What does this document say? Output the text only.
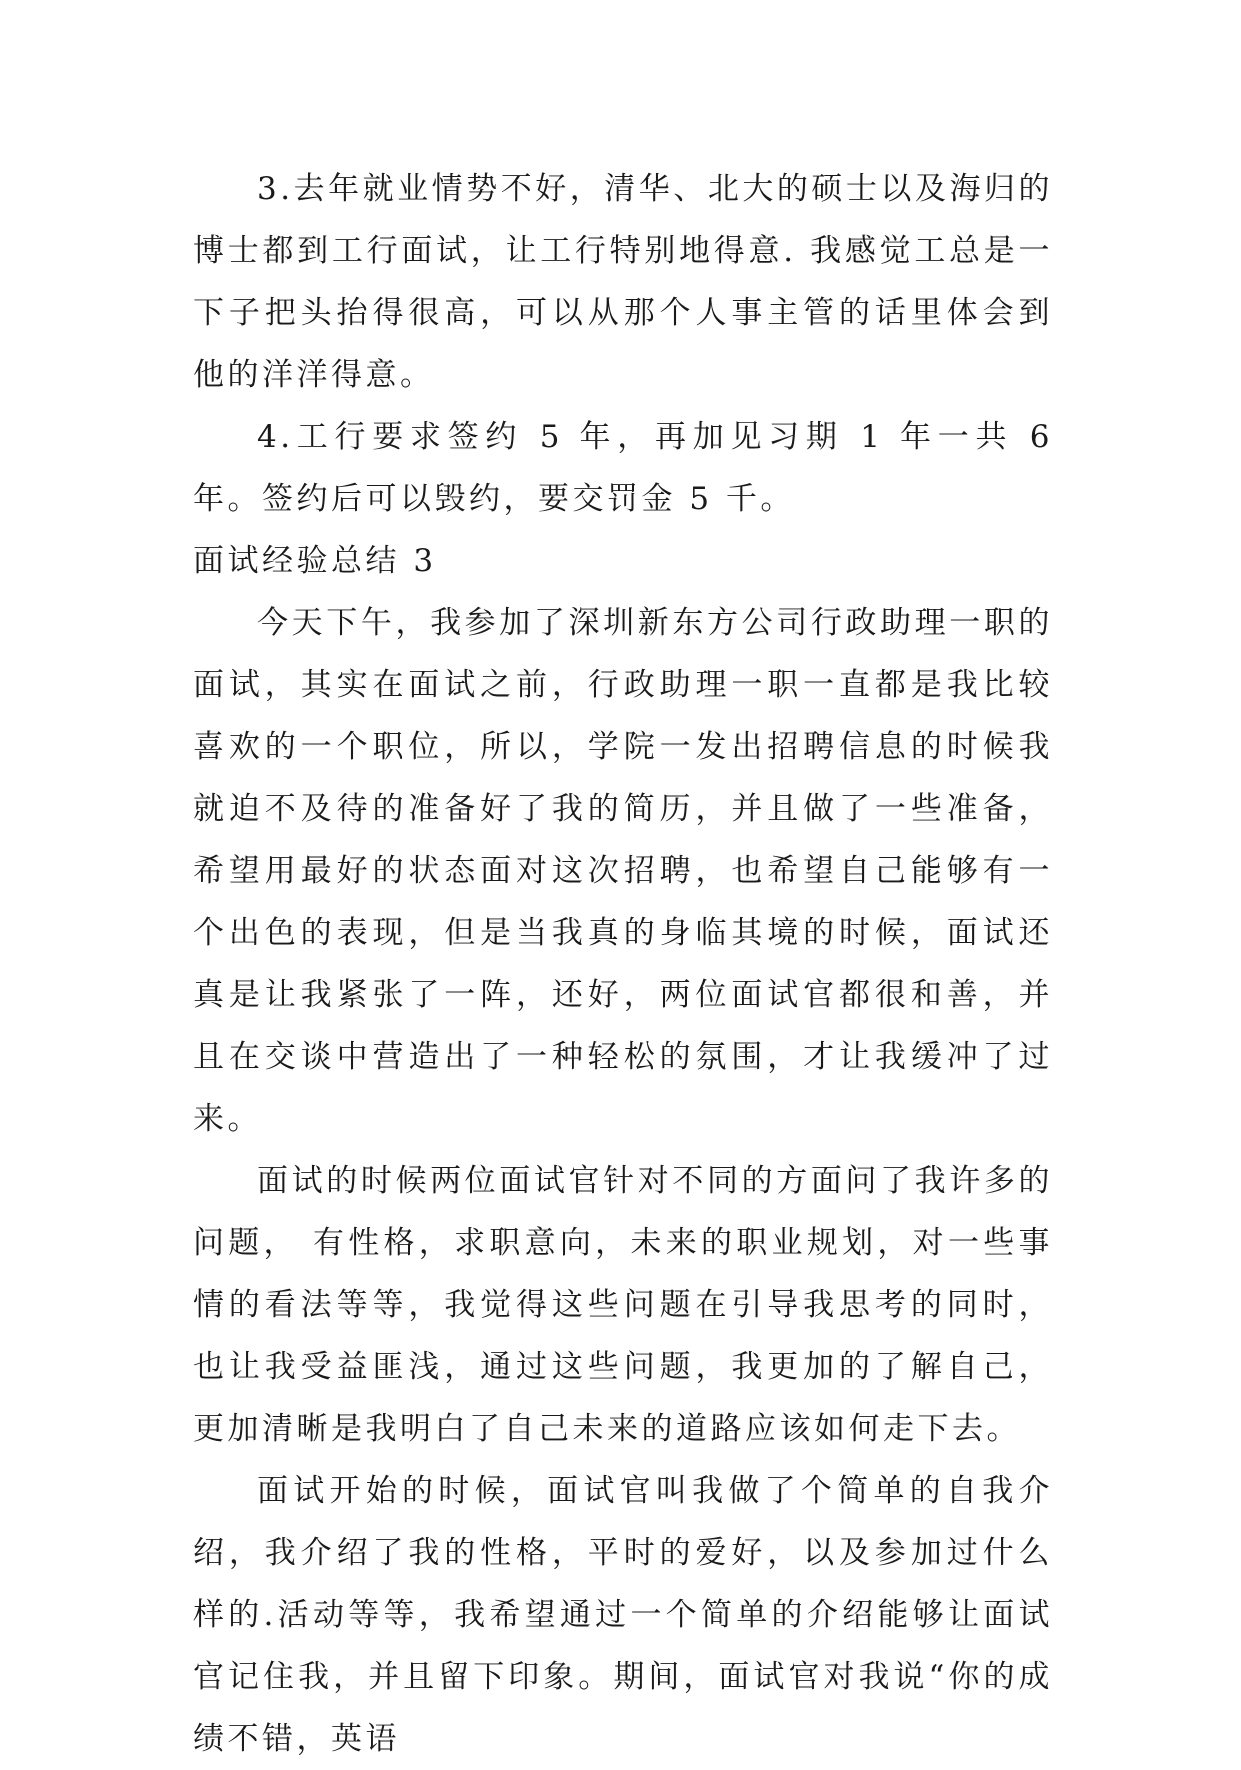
3.去年就业情势不好，清华、北大的硕士以及海归的博士都到工行面试，让工行特别地得意. 我感觉工总是一下子把头抬得很高，可以从那个人事主管的话里体会到他的洋洋得意。

4.工行要求签约 5 年，再加见习期 1 年一共 6 年。签约后可以毁约，要交罚金 5 千。

面试经验总结 3

今天下午，我参加了深圳新东方公司行政助理一职的面试，其实在面试之前，行政助理一职一直都是我比较喜欢的一个职位，所以，学院一发出招聘信息的时候我就迫不及待的准备好了我的简历，并且做了一些准备，希望用最好的状态面对这次招聘，也希望自己能够有一个出色的表现，但是当我真的身临其境的时候，面试还真是让我紧张了一阵，还好，两位面试官都很和善，并且在交谈中营造出了一种轻松的氛围，才让我缓冲了过来。

面试的时候两位面试官针对不同的方面问了我许多的问题， 有性格，求职意向，未来的职业规划，对一些事情的看法等等，我觉得这些问题在引导我思考的同时，也让我受益匪浅，通过这些问题，我更加的了解自己，更加清晰是我明白了自己未来的道路应该如何走下去。

面试开始的时候，面试官叫我做了个简单的自我介绍，我介绍了我的性格，平时的爱好，以及参加过什么样的.活动等等，我希望通过一个简单的介绍能够让面试官记住我，并且留下印象。期间，面试官对我说“你的成绩不错，英语
